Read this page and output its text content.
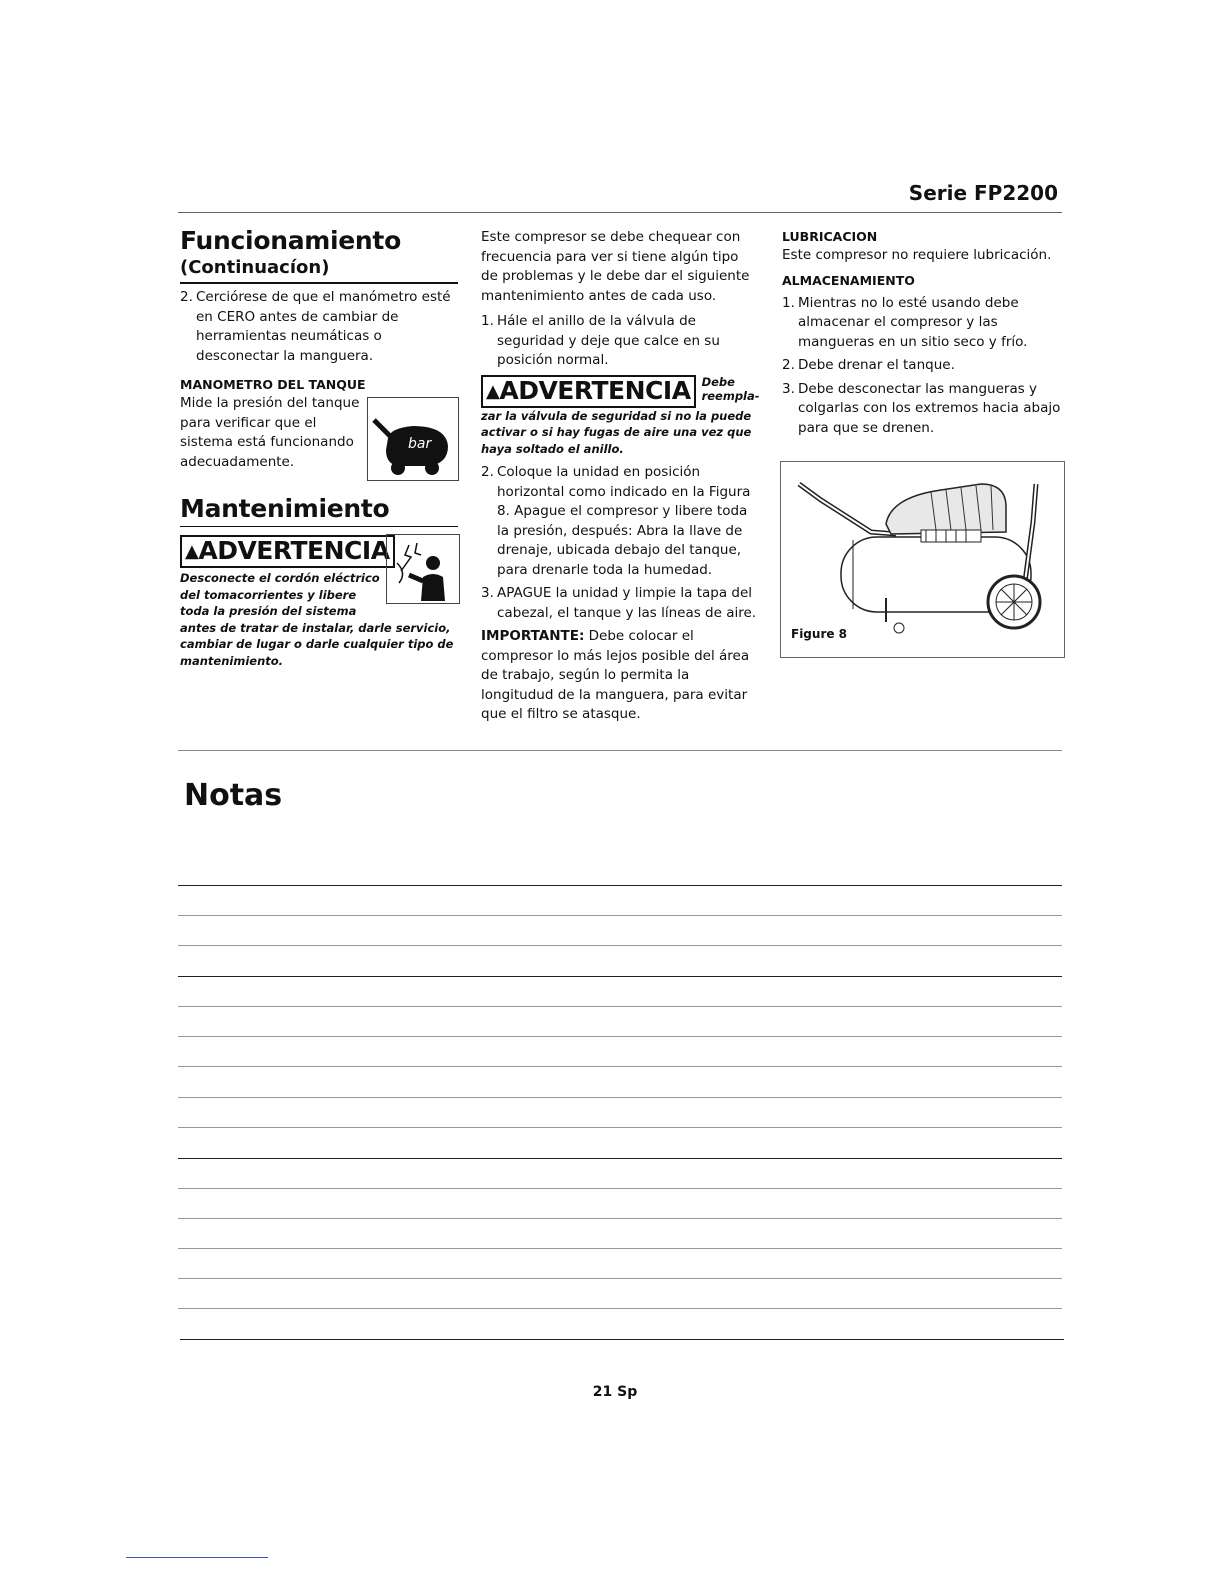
Serie FP2200
Funcionamiento
(Continuacíon)
2. Cerciórese de que el manómetro esté en CERO antes de cambiar de herramientas neumáticas o desconectar la manguera.
MANOMETRO DEL TANQUE
Mide la presión del tanque para verificar que el sistema está funcionando adecuadamente.
bar
Mantenimiento
▲ADVERTENCIA
Desconecte el cordón eléctrico del tomacorrientes y libere toda la presión del sistema
antes de tratar de instalar, darle servicio, cambiar de lugar o darle cualquier tipo de mantenimiento.
Este compresor se debe chequear con frecuencia para ver si tiene algún tipo de problemas y le debe dar el siguiente mantenimiento antes de cada uso.
1. Hále el anillo de la válvula de seguridad y deje que calce en su posición normal.
▲ADVERTENCIA Debe
reempla-
zar la válvula de seguridad si no la puede activar o si hay fugas de aire una vez que haya soltado el anillo.
2. Coloque la unidad en posición horizontal como indicado en la Figura 8. Apague el compresor y libere toda la presión, después: Abra la llave de drenaje, ubicada debajo del tanque, para drenarle toda la humedad.
3. APAGUE la unidad y limpie la tapa del cabezal, el tanque y las líneas de aire.
IMPORTANTE: Debe colocar el compresor lo más lejos posible del área de trabajo, según lo permita la longitudud de la manguera, para evitar que el filtro se atasque.
LUBRICACION
Este compresor no requiere lubricación.
ALMACENAMIENTO
1. Mientras no lo esté usando debe almacenar el compresor y las mangueras en un sitio seco y frío.
2. Debe drenar el tanque.
3. Debe desconectar las mangueras y colgarlas con los extremos hacia abajo para que se drenen.
Figure 8
Notas
21 Sp
